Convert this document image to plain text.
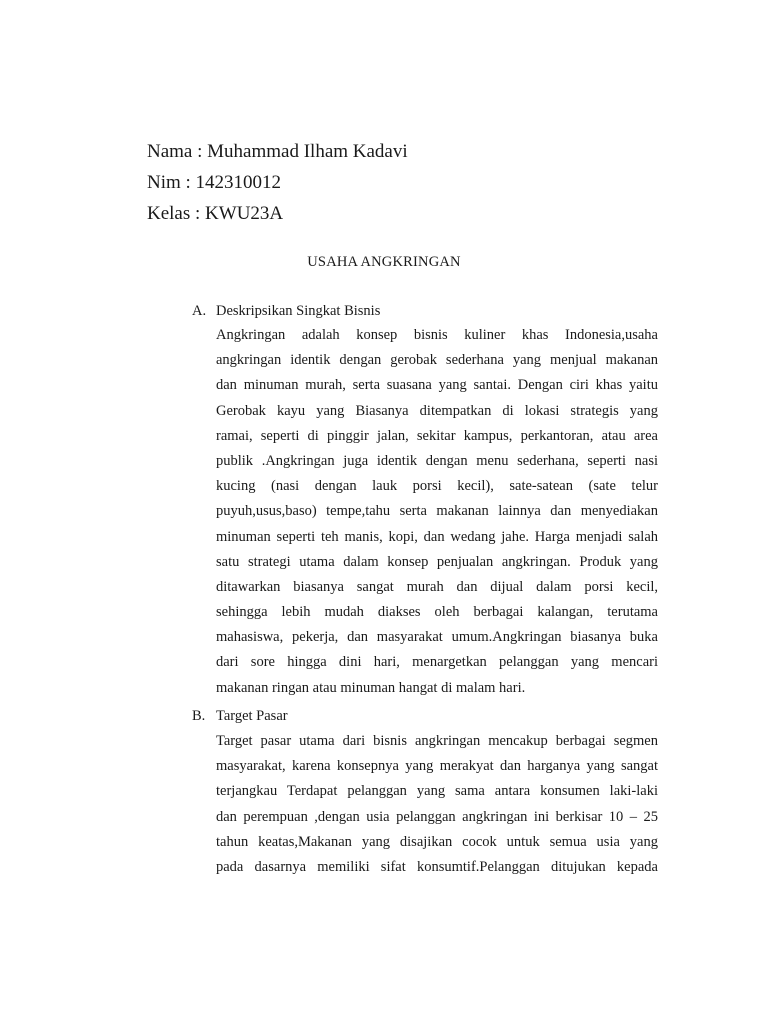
Nama : Muhammad Ilham Kadavi
Nim : 142310012
Kelas : KWU23A
USAHA ANGKRINGAN
A. Deskripsikan Singkat Bisnis
Angkringan adalah konsep bisnis kuliner khas Indonesia,usaha
angkringan identik dengan gerobak sederhana yang menjual makanan
dan minuman murah, serta suasana yang santai. Dengan ciri khas yaitu
Gerobak kayu yang Biasanya ditempatkan di lokasi strategis yang
ramai, seperti di pinggir jalan, sekitar kampus, perkantoran, atau area
publik .Angkringan juga identik dengan menu sederhana, seperti nasi
kucing (nasi dengan lauk porsi kecil), sate-satean (sate telur
puyuh,usus,baso) tempe,tahu serta makanan lainnya dan menyediakan
minuman seperti teh manis, kopi, dan wedang jahe. Harga menjadi salah
satu strategi utama dalam konsep penjualan angkringan. Produk yang
ditawarkan biasanya sangat murah dan dijual dalam porsi kecil,
sehingga lebih mudah diakses oleh berbagai kalangan, terutama
mahasiswa, pekerja, dan masyarakat umum.Angkringan biasanya buka
dari sore hingga dini hari, menargetkan pelanggan yang mencari
makanan ringan atau minuman hangat di malam hari.
B. Target Pasar
Target pasar utama dari bisnis angkringan mencakup berbagai segmen
masyarakat, karena konsepnya yang merakyat dan harganya yang sangat
terjangkau Terdapat pelanggan yang sama antara konsumen laki-laki
dan perempuan ,dengan usia pelanggan angkringan ini berkisar 10 – 25
tahun keatas,Makanan yang disajikan cocok untuk semua usia yang
pada dasarnya memiliki sifat konsumtif.Pelanggan ditujukan kepada
